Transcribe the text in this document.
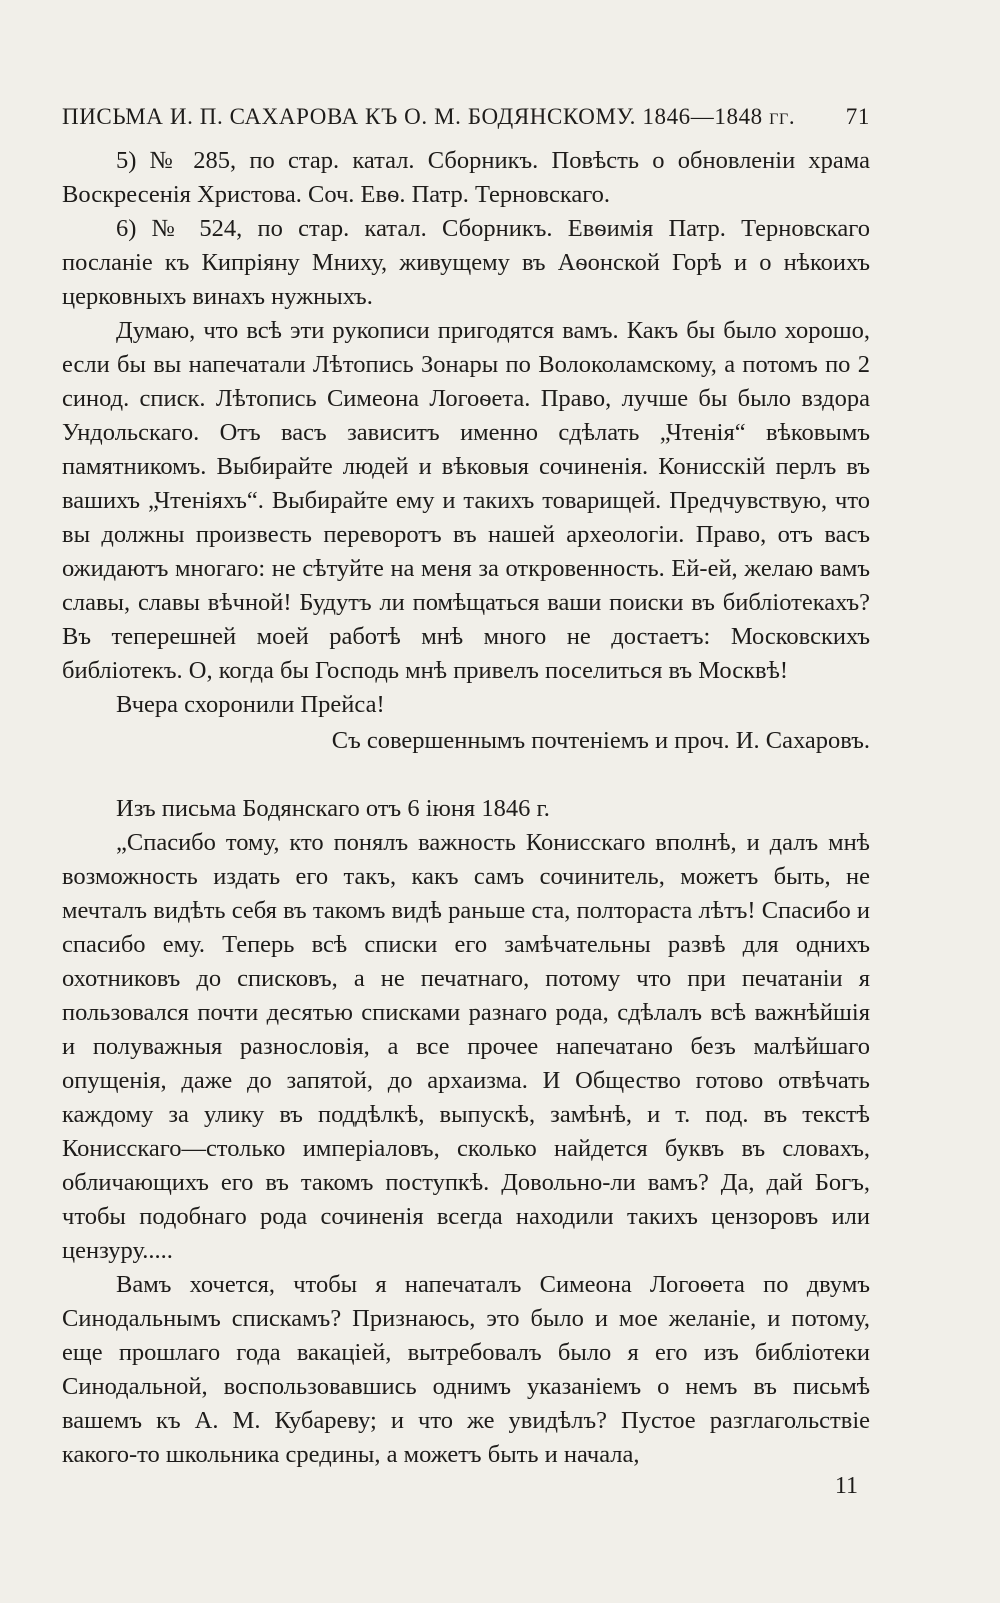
ПИСЬМА И. П. САХАРОВА КЪ О. М. БОДЯНСКОМУ. 1846—1848 гг. 71

5) № 285, по стар. катал. Сборникъ. Повѣсть о обновленіи храма Воскресенія Христова. Соч. Евѳ. Патр. Терновскаго.

6) № 524, по стар. катал. Сборникъ. Евѳимія Патр. Терновскаго посланіе къ Кипріяну Мниху, живущему въ Аѳонской Горѣ и о нѣкоихъ церковныхъ винахъ нужныхъ.

Думаю, что всѣ эти рукописи пригодятся вамъ. Какъ бы было хорошо, если бы вы напечатали Лѣтопись Зонары по Волоколамскому, а потомъ по 2 синод. списк. Лѣтопись Симеона Логоѳета. Право, лучше бы было вздора Ундольскаго. Отъ васъ зависитъ именно сдѣлать „Чтенія“ вѣковымъ памятникомъ. Выбирайте людей и вѣковыя сочиненія. Конисскій перлъ въ вашихъ „Чтеніяхъ“. Выбирайте ему и такихъ товарищей. Предчувствую, что вы должны произвесть переворотъ въ нашей археологіи. Право, отъ васъ ожидаютъ многаго: не сѣтуйте на меня за откровенность. Ей-ей, желаю вамъ славы, славы вѣчной! Будутъ ли помѣщаться ваши поиски въ библіотекахъ? Въ теперешней моей работѣ мнѣ много не достаетъ: Московскихъ библіотекъ. О, когда бы Господь мнѣ привелъ поселиться въ Москвѣ!

Вчера схоронили Прейса!

Съ совершеннымъ почтеніемъ и проч. И. Сахаровъ.

Изъ письма Бодянскаго отъ 6 іюня 1846 г.

„Спасибо тому, кто понялъ важность Конисскаго вполнѣ, и далъ мнѣ возможность издать его такъ, какъ самъ сочинитель, можетъ быть, не мечталъ видѣть себя въ такомъ видѣ раньше ста, полтораста лѣтъ! Спасибо и спасибо ему. Теперь всѣ списки его замѣчательны развѣ для однихъ охотниковъ до списковъ, а не печатнаго, потому что при печатаніи я пользовался почти десятью списками разнаго рода, сдѣлалъ всѣ важнѣйшія и полуважныя разнословія, а все прочее напечатано безъ малѣйшаго опущенія, даже до запятой, до архаизма. И Общество готово отвѣчать каждому за улику въ поддѣлкѣ, выпускѣ, замѣнѣ, и т. под. въ текстѣ Конисскаго—столько имперіаловъ, сколько найдется буквъ въ словахъ, обличающихъ его въ такомъ поступкѣ. Довольно-ли вамъ? Да, дай Богъ, чтобы подобнаго рода сочиненія всегда находили такихъ цензоровъ или цензуру.....

Вамъ хочется, чтобы я напечаталъ Симеона Логоѳета по двумъ Синодальнымъ спискамъ? Признаюсь, это было и мое желаніе, и потому, еще прошлаго года вакаціей, вытребовалъ было я его изъ библіотеки Синодальной, воспользовавшись однимъ указаніемъ о немъ въ письмѣ вашемъ къ А. М. Кубареву; и что же увидѣлъ? Пустое разглагольствіе какого-то школьника средины, а можетъ быть и начала,

11
